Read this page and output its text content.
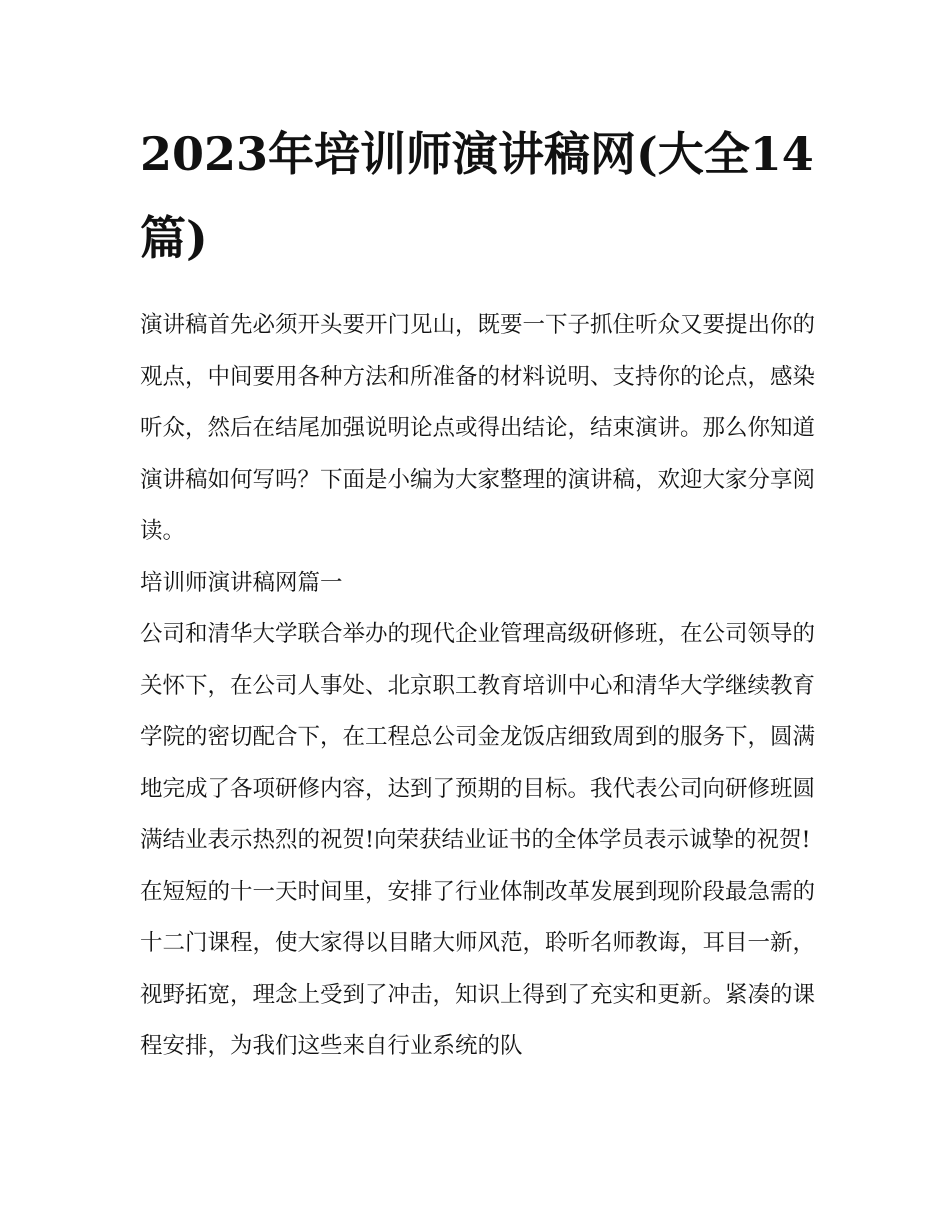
2023年培训师演讲稿网(大全14篇)

演讲稿首先必须开头要开门见山，既要一下子抓住听众又要提出你的观点，中间要用各种方法和所准备的材料说明、支持你的论点，感染听众，然后在结尾加强说明论点或得出结论，结束演讲。那么你知道演讲稿如何写吗？下面是小编为大家整理的演讲稿，欢迎大家分享阅读。

培训师演讲稿网篇一

公司和清华大学联合举办的现代企业管理高级研修班，在公司领导的关怀下，在公司人事处、北京职工教育培训中心和清华大学继续教育学院的密切配合下，在工程总公司金龙饭店细致周到的服务下，圆满地完成了各项研修内容，达到了预期的目标。我代表公司向研修班圆满结业表示热烈的祝贺!向荣获结业证书的全体学员表示诚挚的祝贺!

在短短的十一天时间里，安排了行业体制改革发展到现阶段最急需的十二门课程，使大家得以目睹大师风范，聆听名师教诲，耳目一新，视野拓宽，理念上受到了冲击，知识上得到了充实和更新。紧凑的课程安排，为我们这些来自行业系统的队
